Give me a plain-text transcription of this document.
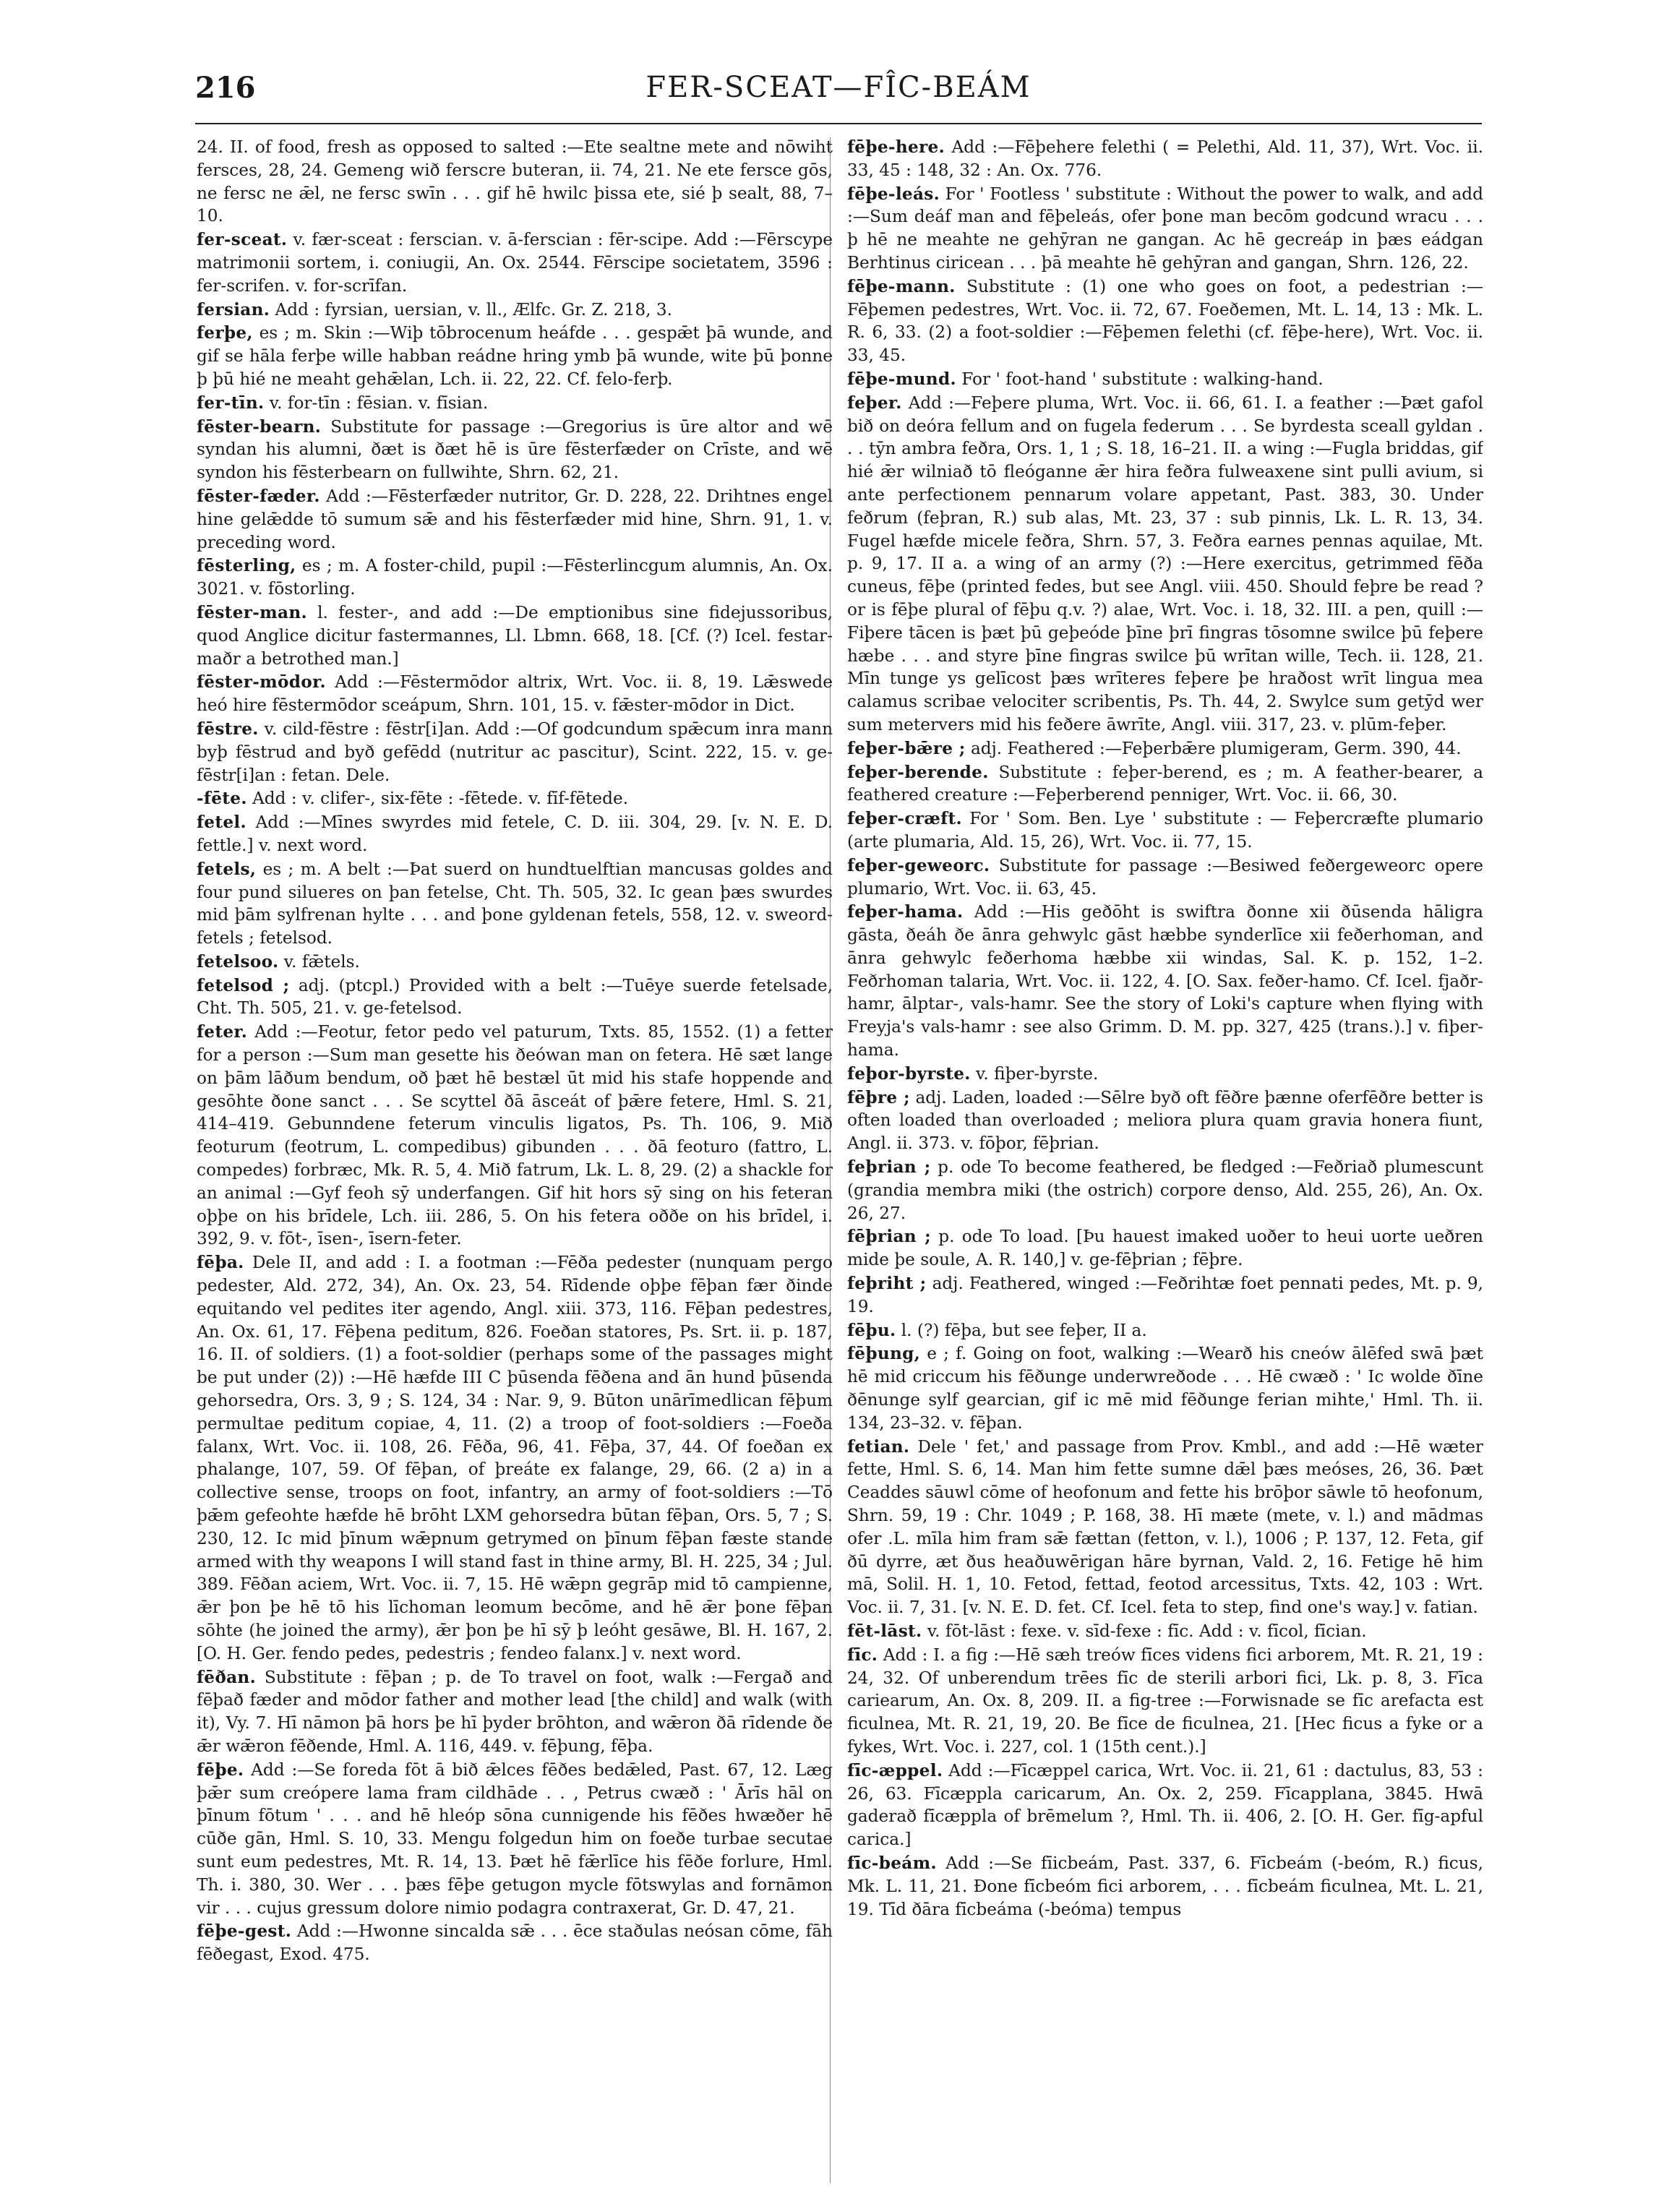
216	FER-SCEAT—FÎC-BEÁM
24. II. of food, fresh as opposed to salted :—Ete sealtne mete and nōwiht fersces, 28, 24. Gemeng wið ferscre buteran, ii. 74, 21. Ne ete fersce gōs, ne fersc ne ǣl, ne fersc swīn . . . gif hē hwilc þissa ete, sié þ sealt, 88, 7–10.
fer-sceat. v. fær-sceat : ferscian. v. ā-ferscian : fēr-scipe. Add :—Fērscype matrimonii sortem, i. coniugii, An. Ox. 2544. Fērscipe societatem, 3596 : fer-scrifen. v. for-scrīfan.
fersian. Add : fyrsian, uersian, v. ll., Ælfc. Gr. Z. 218, 3.
ferþe, es ; m. Skin :—Wiþ tōbrocenum heáfde . . . gespǣt þā wunde, and gif se hāla ferþe wille habban reádne hring ymb þā wunde, wite þū þonne þ þū hié ne meaht gehǣlan, Lch. ii. 22, 22. Cf. felo-ferþ.
fer-tīn. v. for-tīn : fēsian. v. fīsian.
fēster-bearn. Substitute for passage :—Gregorius is ūre altor and wē syndan his alumni, ðæt is ðæt hē is ūre fēsterfæder on Crīste, and wē syndon his fēsterbearn on fullwihte, Shrn. 62, 21.
fēster-fæder. Add :—Fēsterfæder nutritor, Gr. D. 228, 22. Drihtnes engel hine gelǣdde tō sumum sǣ and his fēsterfæder mid hine, Shrn. 91, 1. v. preceding word.
fēsterling, es ; m. A foster-child, pupil :—Fēsterlincgum alumnis, An. Ox. 3021. v. fōstorling.
fēster-man. l. fester-, and add :—De emptionibus sine fidejussoribus, quod Anglice dicitur fastermannes, Ll. Lbmn. 668, 18. [Cf. (?) Icel. festar-maðr a betrothed man.]
fēster-mōdor. Add :—Fēstermōdor altrix, Wrt. Voc. ii. 8, 19. Lǣswede heó hire fēstermōdor sceápum, Shrn. 101, 15. v. fǣster-mōdor in Dict.
fēstre. v. cild-fēstre : fēstr[i]an. Add :—Of godcundum spǣcum inra mann byþ fēstrud and byð gefēdd (nutritur ac pascitur), Scint. 222, 15. v. ge-fēstr[i]an : fetan. Dele.
-fēte. Add : v. clifer-, six-fēte : -fētede. v. fīf-fētede.
fetel. Add :—Mīnes swyrdes mid fetele, C. D. iii. 304, 29. [v. N. E. D. fettle.] v. next word.
fetels, es ; m. A belt :—Þat suerd on hundtuelftian mancusas goldes and four pund silueres on þan fetelse, Cht. Th. 505, 32. Ic gean þæs swurdes mid þām sylfrenan hylte . . . and þone gyldenan fetels, 558, 12. v. sweord-fetels ; fetelsod.
fetelsoo. v. fǣtels.
fetelsod ; adj. (ptcpl.) Provided with a belt :—Tuēye suerde fetelsade, Cht. Th. 505, 21. v. ge-fetelsod.
feter. Add :—Feotur, fetor pedo vel paturum, Txts. 85, 1552. (1) a fetter for a person :—Sum man gesette his ðeówan man on fetera. Hē sæt lange on þām lāðum bendum, oð þæt hē bestæl ūt mid his stafe hoppende and gesōhte ðone sanct . . . Se scyttel ðā āsceát of þǣre fetere, Hml. S. 21, 414–419. Gebunndene feterum vinculis ligatos, Ps. Th. 106, 9. Mið feoturum (feotrum, L. compedibus) gibunden . . . ðā feoturo (fattro, L. compedes) forbræc, Mk. R. 5, 4. Mið fatrum, Lk. L. 8, 29. (2) a shackle for an animal :—Gyf feoh sȳ underfangen. Gif hit hors sȳ sing on his feteran oþþe on his brīdele, Lch. iii. 286, 5. On his fetera oððe on his brīdel, i. 392, 9. v. fōt-, īsen-, īsern-feter.
fēþa. Dele II, and add : I. a footman :—Fēða pedester (nunquam pergo pedester, Ald. 272, 34), An. Ox. 23, 54. Rīdende oþþe fēþan fær ðinde equitando vel pedites iter agendo, Angl. xiii. 373, 116. Fēþan pedestres, An. Ox. 61, 17. Fēþena peditum, 826. Foeðan statores, Ps. Srt. ii. p. 187, 16. II. of soldiers. (1) a foot-soldier (perhaps some of the passages might be put under (2)) :—Hē hæfde III C þūsenda fēðena and ān hund þūsenda gehorsedra, Ors. 3, 9 ; S. 124, 34 : Nar. 9, 9. Būton unārīmedlican fēþum permultae peditum copiae, 4, 11. (2) a troop of foot-soldiers :—Foeða falanx, Wrt. Voc. ii. 108, 26. Fēða, 96, 41. Fēþa, 37, 44. Of foeðan ex phalange, 107, 59. Of fēþan, of þreáte ex falange, 29, 66. (2 a) in a collective sense, troops on foot, infantry, an army of foot-soldiers :—Tō þǣm gefeohte hæfde hē brōht LXM gehorsedra būtan fēþan, Ors. 5, 7 ; S. 230, 12. Ic mid þīnum wǣpnum getrymed on þīnum fēþan fæste stande armed with thy weapons I will stand fast in thine army, Bl. H. 225, 34 ; Jul. 389. Fēðan aciem, Wrt. Voc. ii. 7, 15. Hē wǣpn gegrāp mid tō campienne, ǣr þon þe hē tō his līchoman leomum becōme, and hē ǣr þone fēþan sōhte (he joined the army), ǣr þon þe hī sȳ þ leóht gesāwe, Bl. H. 167, 2. [O. H. Ger. fendo pedes, pedestris ; fendeo falanx.] v. next word.
fēðan. Substitute : fēþan ; p. de To travel on foot, walk :—Fergað and fēþað fæder and mōdor father and mother lead [the child] and walk (with it), Vy. 7. Hī nāmon þā hors þe hī þyder brōhton, and wǣron ðā rīdende ðe ǣr wǣron fēðende, Hml. A. 116, 449. v. fēþung, fēþa.
fēþe. Add :—Se foreda fōt ā bið ǣlces fēðes bedǣled, Past. 67, 12. Læg þǣr sum creópere lama fram cildhāde . . , Petrus cwæð : ' Ārīs hāl on þīnum fōtum ' . . . and hē hleóp sōna cunnigende his fēðes hwæðer hē cūðe gān, Hml. S. 10, 33. Mengu folgedun him on foeðe turbae secutae sunt eum pedestres, Mt. R. 14, 13. Þæt hē fǣrlīce his fēðe forlure, Hml. Th. i. 380, 30. Wer . . . þæs fēþe getugon mycle fōtswylas and fornāmon vir . . . cujus gressum dolore nimio podagra contraxerat, Gr. D. 47, 21.
fēþe-gest. Add :—Hwonne sincalda sǣ . . . ēce staðulas neósan cōme, fāh fēðegast, Exod. 475.
fēþe-here. Add :—Fēþehere felethi ( = Pelethi, Ald. 11, 37), Wrt. Voc. ii. 33, 45 : 148, 32 : An. Ox. 776.
fēþe-leás. For ' Footless ' substitute : Without the power to walk, and add :—Sum deáf man and fēþeleás, ofer þone man becōm godcund wracu . . . þ hē ne meahte ne gehȳran ne gangan. Ac hē gecreáp in þæs eádgan Berhtinus ciricean . . . þā meahte hē gehȳran and gangan, Shrn. 126, 22.
fēþe-mann. Substitute : (1) one who goes on foot, a pedestrian :—Fēþemen pedestres, Wrt. Voc. ii. 72, 67. Foeðemen, Mt. L. 14, 13 : Mk. L. R. 6, 33. (2) a foot-soldier :—Fēþemen felethi (cf. fēþe-here), Wrt. Voc. ii. 33, 45.
fēþe-mund. For ' foot-hand ' substitute : walking-hand.
feþer. Add :—Feþere pluma, Wrt. Voc. ii. 66, 61. I. a feather :—Þæt gafol bið on deóra fellum and on fugela federum . . . Se byrdesta sceall gyldan . . . tȳn ambra feðra, Ors. 1, 1 ; S. 18, 16–21. II. a wing :—Fugla briddas, gif hié ǣr wilniað tō fleóganne ǣr hira feðra fulweaxene sint pulli avium, si ante perfectionem pennarum volare appetant, Past. 383, 30. Under feðrum (feþran, R.) sub alas, Mt. 23, 37 : sub pinnis, Lk. L. R. 13, 34. Fugel hæfde micele feðra, Shrn. 57, 3. Feðra earnes pennas aquilae, Mt. p. 9, 17. II a. a wing of an army (?) :—Here exercitus, getrimmed fēða cuneus, fēþe (printed fedes, but see Angl. viii. 450. Should feþre be read ? or is fēþe plural of fēþu q.v. ?) alae, Wrt. Voc. i. 18, 32. III. a pen, quill :—Fiþere tācen is þæt þū geþeóde þīne þrī fingras tōsomne swilce þū feþere hæbe . . . and styre þīne fingras swilce þū wrītan wille, Tech. ii. 128, 21. Mīn tunge ys gelīcost þæs wrīteres feþere þe hraðost wrīt lingua mea calamus scribae velociter scribentis, Ps. Th. 44, 2. Swylce sum getȳd wer sum metervers mid his feðere āwrīte, Angl. viii. 317, 23. v. plūm-feþer.
feþer-bǣre ; adj. Feathered :—Feþerbǣre plumigeram, Germ. 390, 44.
feþer-berende. Substitute : feþer-berend, es ; m. A feather-bearer, a feathered creature :—Feþerberend penniger, Wrt. Voc. ii. 66, 30.
feþer-cræft. For ' Som. Ben. Lye ' substitute : — Feþercræfte plumario (arte plumaria, Ald. 15, 26), Wrt. Voc. ii. 77, 15.
feþer-geweorc. Substitute for passage :—Besiwed feðergeweorc opere plumario, Wrt. Voc. ii. 63, 45.
feþer-hama. Add :—His geðōht is swiftra ðonne xii ðūsenda hāligra gāsta, ðeáh ðe ānra gehwylc gāst hæbbe synderlīce xii feðerhoman, and ānra gehwylc feðerhoma hæbbe xii windas, Sal. K. p. 152, 1–2. Feðrhoman talaria, Wrt. Voc. ii. 122, 4. [O. Sax. feðer-hamo. Cf. Icel. fjaðr-hamr, ālptar-, vals-hamr. See the story of Loki's capture when flying with Freyja's vals-hamr : see also Grimm. D. M. pp. 327, 425 (trans.).] v. fiþer-hama.
feþor-byrste. v. fiþer-byrste.
fēþre ; adj. Laden, loaded :—Sēlre byð oft fēðre þænne oferfēðre better is often loaded than overloaded ; meliora plura quam gravia honera fiunt, Angl. ii. 373. v. fōþor, fēþrian.
feþrian ; p. ode To become feathered, be fledged :—Feðriað plumescunt (grandia membra miki (the ostrich) corpore denso, Ald. 255, 26), An. Ox. 26, 27.
fēþrian ; p. ode To load. [Þu hauest imaked uoðer to heui uorte ueðren mide þe soule, A. R. 140,] v. ge-fēþrian ; fēþre.
feþriht ; adj. Feathered, winged :—Feðrihtæ foet pennati pedes, Mt. p. 9, 19.
fēþu. l. (?) fēþa, but see feþer, II a.
fēþung, e ; f. Going on foot, walking :—Wearð his cneów ālēfed swā þæt hē mid criccum his fēðunge underwreðode . . . Hē cwæð : ' Ic wolde ðīne ðēnunge sylf gearcian, gif ic mē mid fēðunge ferian mihte,' Hml. Th. ii. 134, 23–32. v. fēþan.
fetian. Dele ' fet,' and passage from Prov. Kmbl., and add :—Hē wæter fette, Hml. S. 6, 14. Man him fette sumne dǣl þæs meóses, 26, 36. Þæt Ceaddes sāuwl cōme of heofonum and fette his brōþor sāwle tō heofonum, Shrn. 59, 19 : Chr. 1049 ; P. 168, 38. Hī mæte (mete, v. l.) and mādmas ofer .L. mīla him fram sǣ fættan (fetton, v. l.), 1006 ; P. 137, 12. Feta, gif ðū dyrre, æt ðus heaðuwērigan hāre byrnan, Vald. 2, 16. Fetige hē him mā, Solil. H. 1, 10. Fetod, fettad, feotod arcessitus, Txts. 42, 103 : Wrt. Voc. ii. 7, 31. [v. N. E. D. fet. Cf. Icel. feta to step, find one's way.] v. fatian.
fēt-lāst. v. fōt-lāst : fexe. v. sīd-fexe : fīc. Add : v. fīcol, fīcian.
fīc. Add : I. a fig :—Hē sæh treów fīces videns fici arborem, Mt. R. 21, 19 : 24, 32. Of unberendum trēes fīc de sterili arbori fici, Lk. p. 8, 3. Fīca cariearum, An. Ox. 8, 209. II. a fig-tree :—Forwisnade se fīc arefacta est ficulnea, Mt. R. 21, 19, 20. Be fīce de ficulnea, 21. [Hec ficus a fyke or a fykes, Wrt. Voc. i. 227, col. 1 (15th cent.).]
fīc-æppel. Add :—Fīcæppel carica, Wrt. Voc. ii. 21, 61 : dactulus, 83, 53 : 26, 63. Fīcæppla caricarum, An. Ox. 2, 259. Fīcapplana, 3845. Hwā gaderað fīcæppla of brēmelum ?, Hml. Th. ii. 406, 2. [O. H. Ger. fīg-apful carica.]
fīc-beám. Add :—Se fīicbeám, Past. 337, 6. Fīcbeám (-beóm, R.) ficus, Mk. L. 11, 21. Ðone fīcbeóm fici arborem, . . . fīcbeám ficulnea, Mt. L. 21, 19. Tīd ðāra fīcbeáma (-beóma) tempus
